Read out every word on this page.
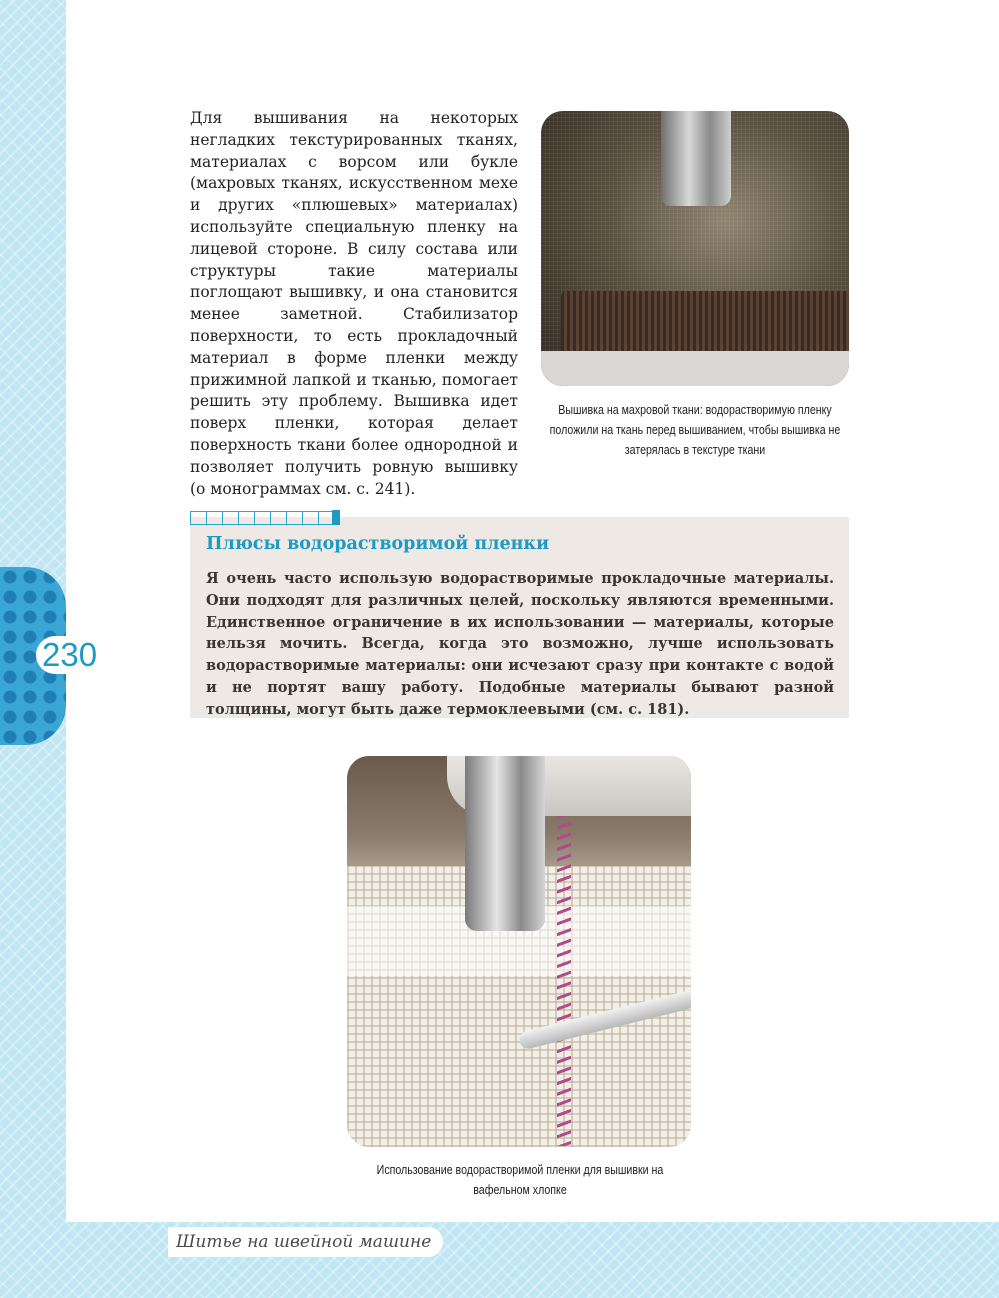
230

Для вышивания на некоторых негладких текстурированных тканях, материалах с ворсом или букле (махровых тканях, искусственном мехе и других «плюшевых» материалах) используйте специальную пленку на лицевой стороне. В силу состава или структуры такие материалы поглощают вышивку, и она становится менее заметной. Стабилизатор поверхности, то есть прокладочный материал в форме пленки между прижимной лапкой и тканью, помогает решить эту проблему. Вышивка идет поверх пленки, которая делает поверхность ткани более однородной и позволяет получить ровную вышивку (о монограммах см. с. 241).

Вышивка на махровой ткани: водорастворимую пленку положили на ткань перед вышиванием, чтобы вышивка не затерялась в текстуре ткани
Плюсы водорастворимой пленки

Я очень часто использую водорастворимые прокладочные материалы. Они подходят для различных целей, поскольку являются временными. Единственное ограничение в их использовании — материалы, которые нельзя мочить. Всегда, когда это возможно, лучше использовать водорастворимые материалы: они исчезают сразу при контакте с водой и не портят вашу работу. Подобные материалы бывают разной толщины, могут быть даже термоклеевыми (см. с. 181).

Использование водорастворимой пленки для вышивки на вафельном хлопке
Шитье на швейной машине
